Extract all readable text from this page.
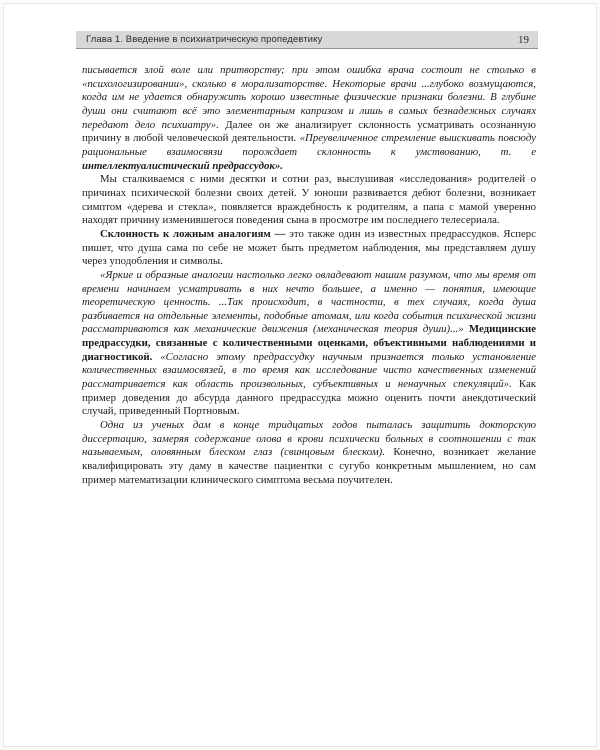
Глава 1. Введение в психиатрическую пропедевтику	19

писывается злой воле или притворству; при этом ошибка врача состоит не столько в «психологизировании», сколько в морализаторстве. Некоторые врачи ...глубоко возмущаются, когда им не удается обнаружить хорошо известные физические признаки болезни. В глубине души они считают всё это элементарным капризом и лишь в самых безнадежных случаях передают дело психиатру». Далее он же анализирует склонность усматривать осознанную причину в любой человеческой деятельности. «Преувеличенное стремление выискивать повсюду рациональные взаимосвязи порождает склонность к умствованию, т. е интеллектуалистический предрассудок».

Мы сталкиваемся с ними десятки и сотни раз, выслушивая «исследования» родителей о причинах психической болезни своих детей. У юноши развивается дебют болезни, возникает симптом «дерева и стекла», появляется враждебность к родителям, а папа с мамой уверенно находят причину изменившегося поведения сына в просмотре им последнего телесериала.

Склонность к ложным аналогиям — это также один из известных предрассудков. Ясперс пишет, что душа сама по себе не может быть предметом наблюдения, мы представляем душу через уподобления и символы.

«Яркие и образные аналогии настолько легко овладевают нашим разумом, что мы время от времени начинаем усматривать в них нечто большее, а именно — понятия, имеющие теоретическую ценность. ...Так происходит, в частности, в тех случаях, когда душа разбивается на отдельные элементы, подобные атомам, или когда события психической жизни рассматриваются как механические движения (механическая теория души)...» Медицинские предрассудки, связанные с количественными оценками, объективными наблюдениями и диагностикой. «Согласно этому предрассудку научным признается только установление количественных взаимосвязей, в то время как исследование чисто качественных изменений рассматривается как область произвольных, субъективных и ненаучных спекуляций». Как пример доведения до абсурда данного предрассудка можно оценить почти анекдотический случай, приведенный Портновым.

Одна из ученых дам в конце тридцатых годов пыталась защитить докторскую диссертацию, замеряя содержание олова в крови психически больных в соотношении с так называемым, оловянным блеском глаз (свинцовым блеском). Конечно, возникает желание квалифицировать эту даму в качестве пациентки с сугубо конкретным мышлением, но сам пример математизации клинического симптома весьма поучителен.
